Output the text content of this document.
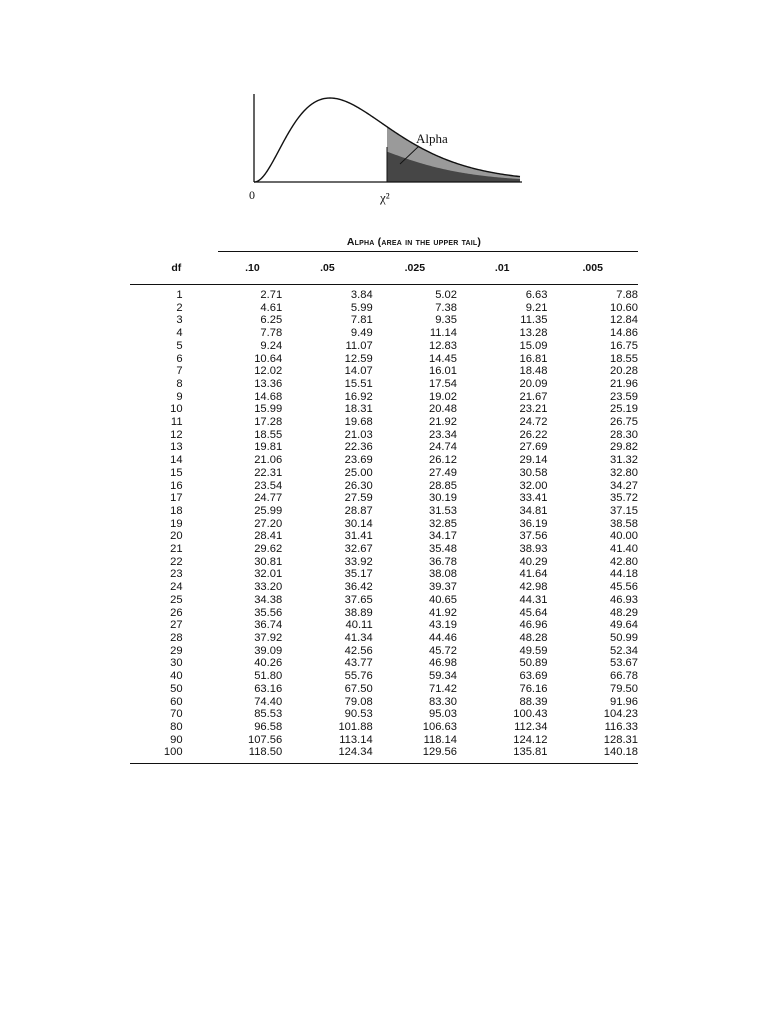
Alpha
0	χ²
Alpha (area in the upper tail)
df	.10	.05	.025	.01	.005
1	2.71	3.84	5.02	6.63	7.88
2	4.61	5.99	7.38	9.21	10.60
3	6.25	7.81	9.35	11.35	12.84
4	7.78	9.49	11.14	13.28	14.86
5	9.24	11.07	12.83	15.09	16.75
6	10.64	12.59	14.45	16.81	18.55
7	12.02	14.07	16.01	18.48	20.28
8	13.36	15.51	17.54	20.09	21.96
9	14.68	16.92	19.02	21.67	23.59
10	15.99	18.31	20.48	23.21	25.19
11	17.28	19.68	21.92	24.72	26.75
12	18.55	21.03	23.34	26.22	28.30
13	19.81	22.36	24.74	27.69	29.82
14	21.06	23.69	26.12	29.14	31.32
15	22.31	25.00	27.49	30.58	32.80
16	23.54	26.30	28.85	32.00	34.27
17	24.77	27.59	30.19	33.41	35.72
18	25.99	28.87	31.53	34.81	37.15
19	27.20	30.14	32.85	36.19	38.58
20	28.41	31.41	34.17	37.56	40.00
21	29.62	32.67	35.48	38.93	41.40
22	30.81	33.92	36.78	40.29	42.80
23	32.01	35.17	38.08	41.64	44.18
24	33.20	36.42	39.37	42.98	45.56
25	34.38	37.65	40.65	44.31	46.93
26	35.56	38.89	41.92	45.64	48.29
27	36.74	40.11	43.19	46.96	49.64
28	37.92	41.34	44.46	48.28	50.99
29	39.09	42.56	45.72	49.59	52.34
30	40.26	43.77	46.98	50.89	53.67
40	51.80	55.76	59.34	63.69	66.78
50	63.16	67.50	71.42	76.16	79.50
60	74.40	79.08	83.30	88.39	91.96
70	85.53	90.53	95.03	100.43	104.23
80	96.58	101.88	106.63	112.34	116.33
90	107.56	113.14	118.14	124.12	128.31
100	118.50	124.34	129.56	135.81	140.18
